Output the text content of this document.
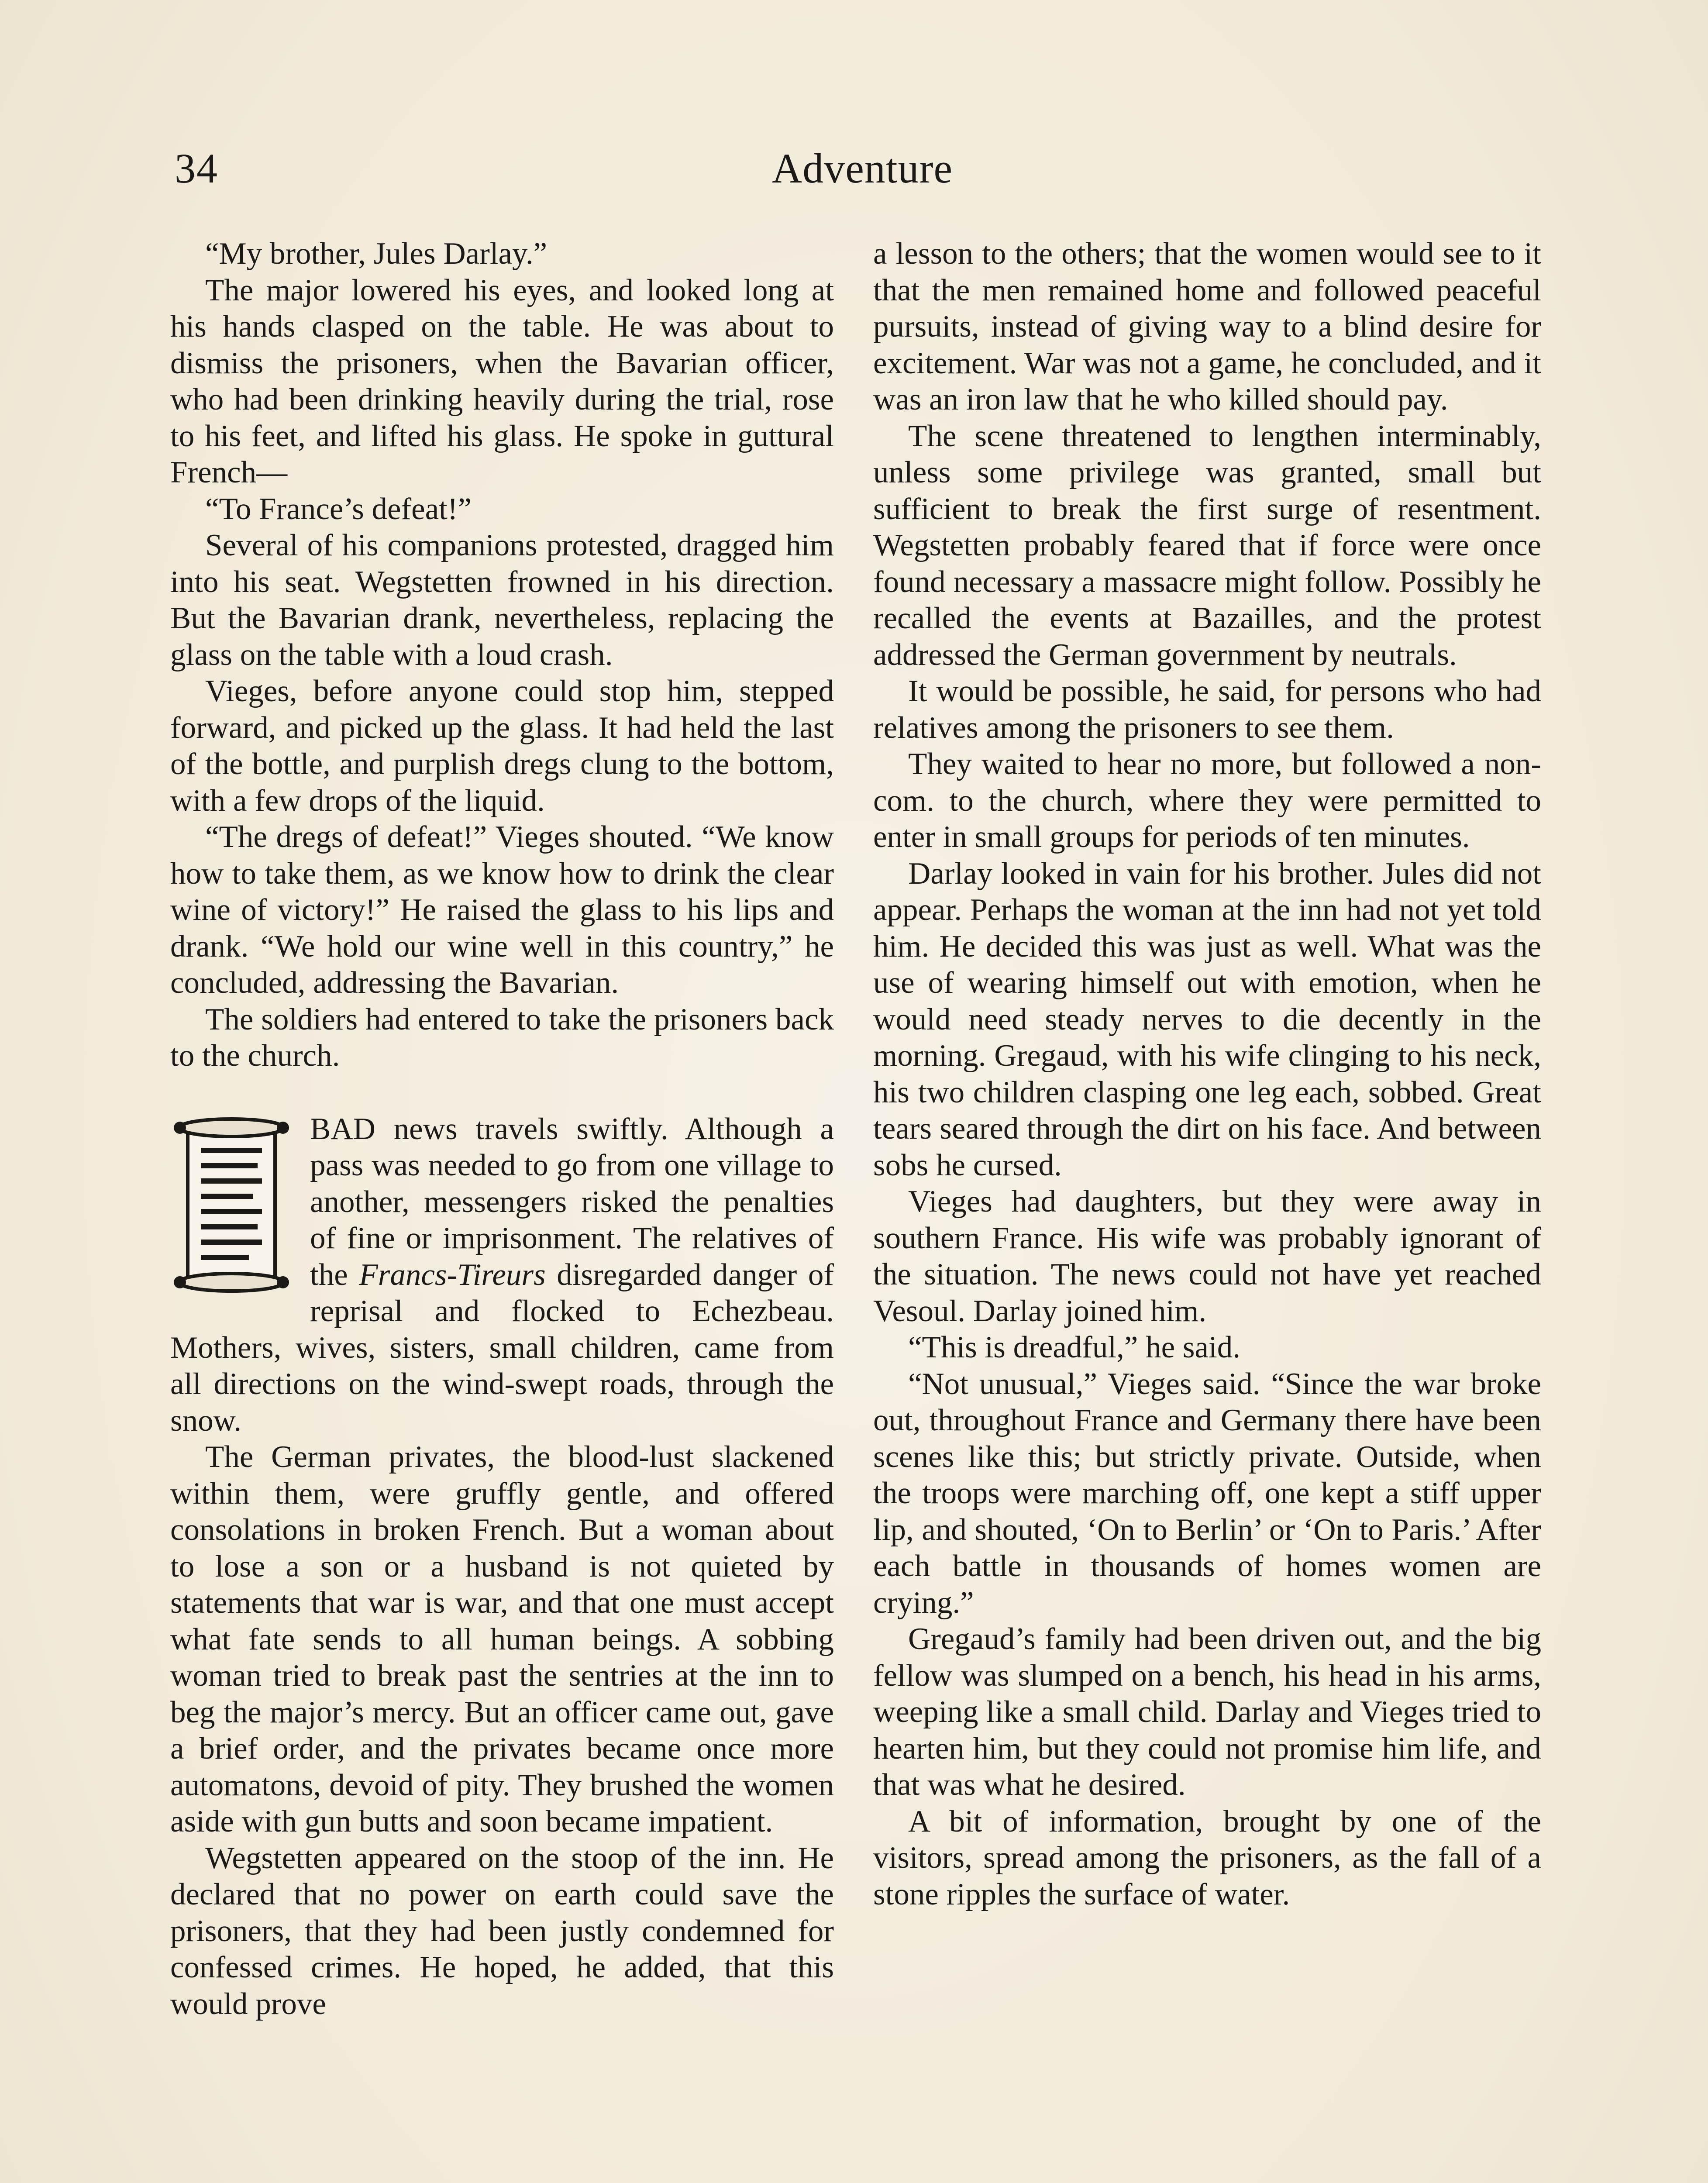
34	Adventure

“My brother, Jules Darlay.”

The major lowered his eyes, and looked long at his hands clasped on the table. He was about to dismiss the prisoners, when the Bavarian officer, who had been drinking heavily during the trial, rose to his feet, and lifted his glass. He spoke in guttural French—

“To France’s defeat!”

Several of his companions protested, dragged him into his seat. Wegstetten frowned in his direction. But the Bavarian drank, nevertheless, replacing the glass on the table with a loud crash.

Vieges, before anyone could stop him, stepped forward, and picked up the glass. It had held the last of the bottle, and purplish dregs clung to the bottom, with a few drops of the liquid.

“The dregs of defeat!” Vieges shouted. “We know how to take them, as we know how to drink the clear wine of victory!” He raised the glass to his lips and drank. “We hold our wine well in this country,” he concluded, addressing the Bavarian.

The soldiers had entered to take the prisoners back to the church.

BAD news travels swiftly. Although a pass was needed to go from one village to another, messengers risked the penalties of fine or imprisonment. The relatives of the Francs-Tireurs disregarded danger of reprisal and flocked to Echezbeau. Mothers, wives, sisters, small children, came from all directions on the wind-swept roads, through the snow.

The German privates, the blood-lust slackened within them, were gruffly gentle, and offered consolations in broken French. But a woman about to lose a son or a husband is not quieted by statements that war is war, and that one must accept what fate sends to all human beings. A sobbing woman tried to break past the sentries at the inn to beg the major’s mercy. But an officer came out, gave a brief order, and the privates became once more automatons, devoid of pity. They brushed the women aside with gun butts and soon became impatient.

Wegstetten appeared on the stoop of the inn. He declared that no power on earth could save the prisoners, that they had been justly condemned for confessed crimes. He hoped, he added, that this would prove

a lesson to the others; that the women would see to it that the men remained home and followed peaceful pursuits, instead of giving way to a blind desire for excitement. War was not a game, he concluded, and it was an iron law that he who killed should pay.

The scene threatened to lengthen interminably, unless some privilege was granted, small but sufficient to break the first surge of resentment. Wegstetten probably feared that if force were once found necessary a massacre might follow. Possibly he recalled the events at Bazailles, and the protest addressed the German government by neutrals.

It would be possible, he said, for persons who had relatives among the prisoners to see them.

They waited to hear no more, but followed a non-com. to the church, where they were permitted to enter in small groups for periods of ten minutes.

Darlay looked in vain for his brother. Jules did not appear. Perhaps the woman at the inn had not yet told him. He decided this was just as well. What was the use of wearing himself out with emotion, when he would need steady nerves to die decently in the morning. Gregaud, with his wife clinging to his neck, his two children clasping one leg each, sobbed. Great tears seared through the dirt on his face. And between sobs he cursed.

Vieges had daughters, but they were away in southern France. His wife was probably ignorant of the situation. The news could not have yet reached Vesoul. Darlay joined him.

“This is dreadful,” he said.

“Not unusual,” Vieges said. “Since the war broke out, throughout France and Germany there have been scenes like this; but strictly private. Outside, when the troops were marching off, one kept a stiff upper lip, and shouted, ‘On to Berlin’ or ‘On to Paris.’ After each battle in thousands of homes women are crying.”

Gregaud’s family had been driven out, and the big fellow was slumped on a bench, his head in his arms, weeping like a small child. Darlay and Vieges tried to hearten him, but they could not promise him life, and that was what he desired.

A bit of information, brought by one of the visitors, spread among the prisoners, as the fall of a stone ripples the surface of water.
